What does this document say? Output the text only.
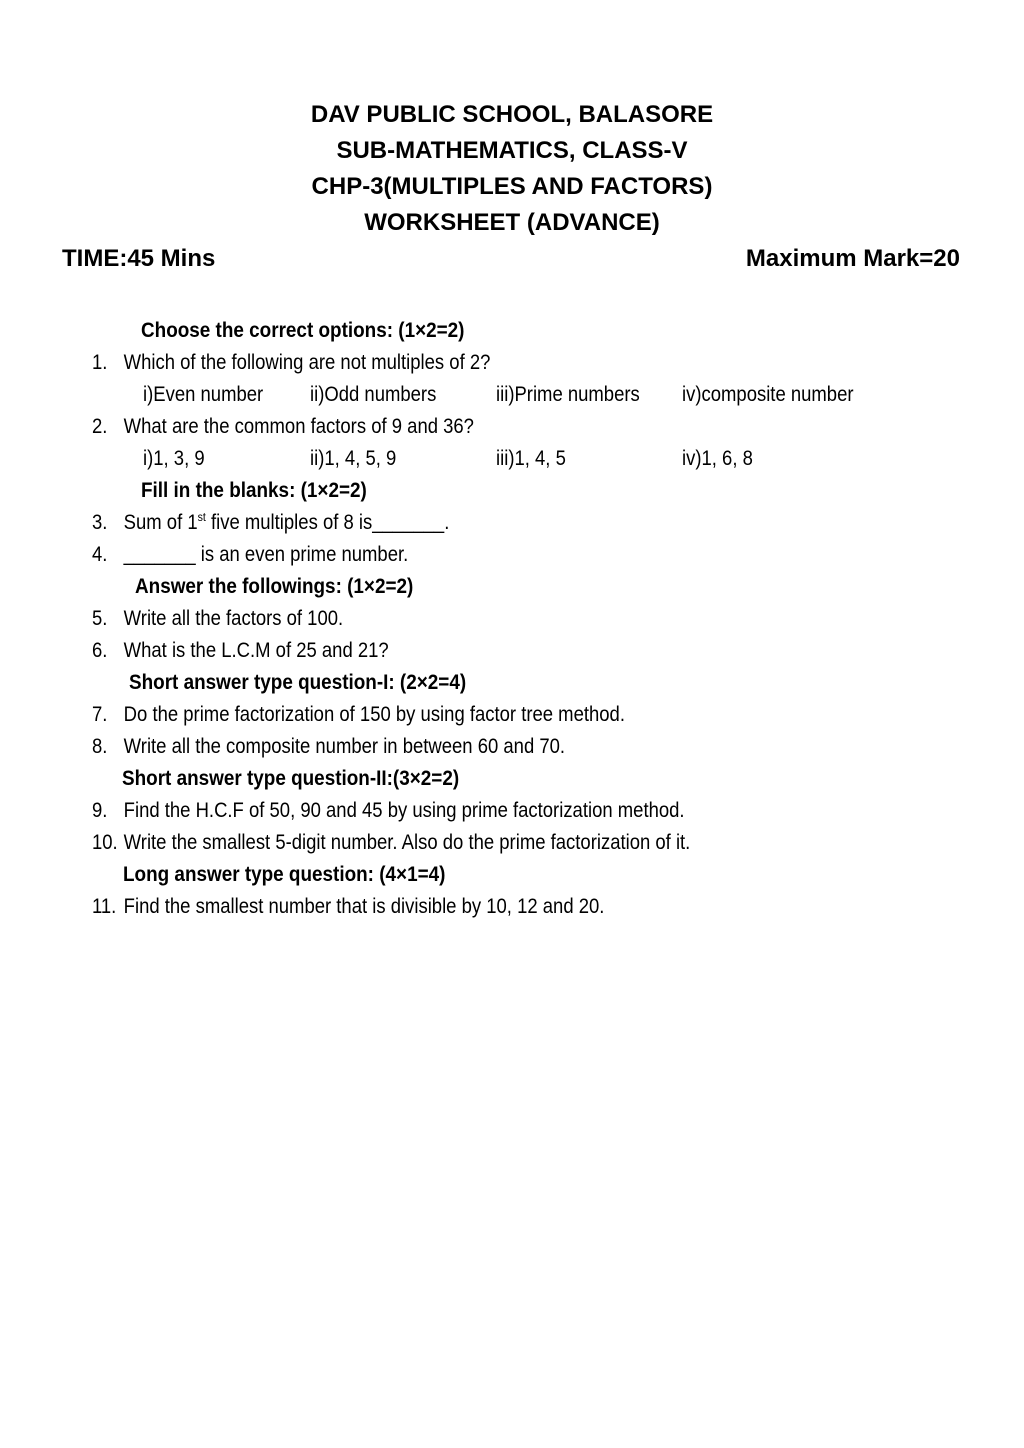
DAV PUBLIC SCHOOL, BALASORE
SUB-MATHEMATICS, CLASS-V
CHP-3(MULTIPLES AND FACTORS)
WORKSHEET (ADVANCE)
TIME:45 Mins	Maximum Mark=20
Choose the correct options: (1×2=2)
1. Which of the following are not multiples of 2?
i)Even number ii)Odd numbers	iii)Prime numbers iv)composite number
2. What are the common factors of 9 and 36?
i)1, 3, 9	ii)1, 4, 5, 9	iii)1, 4, 5	iv)1, 6, 8
Fill in the blanks: (1×2=2)
3. Sum of 1st five multiples of 8 is_______.
4. _______ is an even prime number.
Answer the followings: (1×2=2)
5. Write all the factors of 100.
6. What is the L.C.M of 25 and 21?
Short answer type question-I: (2×2=4)
7. Do the prime factorization of 150 by using factor tree method.
8. Write all the composite number in between 60 and 70.
Short answer type question-II:(3×2=2)
9. Find the H.C.F of 50, 90 and 45 by using prime factorization method.
10. Write the smallest 5-digit number. Also do the prime factorization of it.
Long answer type question: (4×1=4)
11. Find the smallest number that is divisible by 10, 12 and 20.
